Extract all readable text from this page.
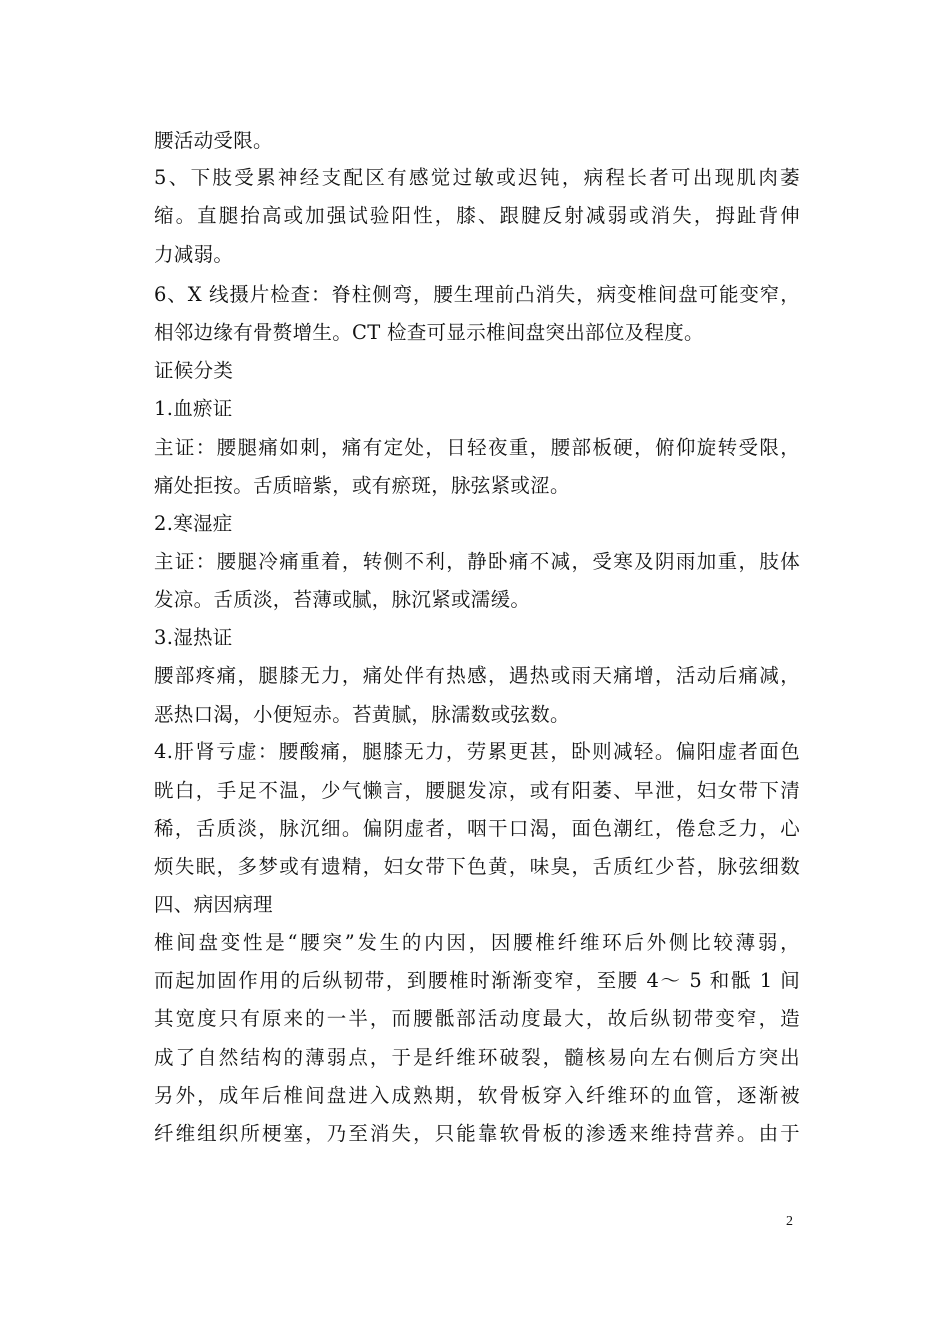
腰活动受限。
5、下肢受累神经支配区有感觉过敏或迟钝，病程长者可出现肌肉萎
缩。直腿抬高或加强试验阳性，膝、跟腱反射减弱或消失，拇趾背伸
力减弱。
6、X 线摄片检查：脊柱侧弯，腰生理前凸消失，病变椎间盘可能变窄，
相邻边缘有骨赘增生。CT 检查可显示椎间盘突出部位及程度。
证候分类
1.血瘀证
主证：腰腿痛如刺，痛有定处，日轻夜重，腰部板硬，俯仰旋转受限，
痛处拒按。舌质暗紫，或有瘀斑，脉弦紧或涩。
2.寒湿症
主证：腰腿冷痛重着，转侧不利，静卧痛不减，受寒及阴雨加重，肢体
发凉。舌质淡，苔薄或腻，脉沉紧或濡缓。
3.湿热证
腰部疼痛，腿膝无力，痛处伴有热感，遇热或雨天痛增，活动后痛减，
恶热口渴，小便短赤。苔黄腻，脉濡数或弦数。
4.肝肾亏虚：腰酸痛，腿膝无力，劳累更甚，卧则减轻。偏阳虚者面色
晄白，手足不温，少气懒言，腰腿发凉，或有阳萎、早泄，妇女带下清
稀，舌质淡，脉沉细。偏阴虚者，咽干口渴，面色潮红，倦怠乏力，心
烦失眠，多梦或有遗精，妇女带下色黄，味臭，舌质红少苔，脉弦细数
四、病因病理
椎间盘变性是“腰突”发生的内因，因腰椎纤维环后外侧比较薄弱，
而起加固作用的后纵韧带，到腰椎时渐渐变窄，至腰 4～ 5 和骶 1 间
其宽度只有原来的一半，而腰骶部活动度最大，故后纵韧带变窄，造
成了自然结构的薄弱点，于是纤维环破裂，髓核易向左右侧后方突出
另外，成年后椎间盘进入成熟期，软骨板穿入纤维环的血管，逐渐被
纤维组织所梗塞，乃至消失，只能靠软骨板的渗透来维持营养。由于
2
